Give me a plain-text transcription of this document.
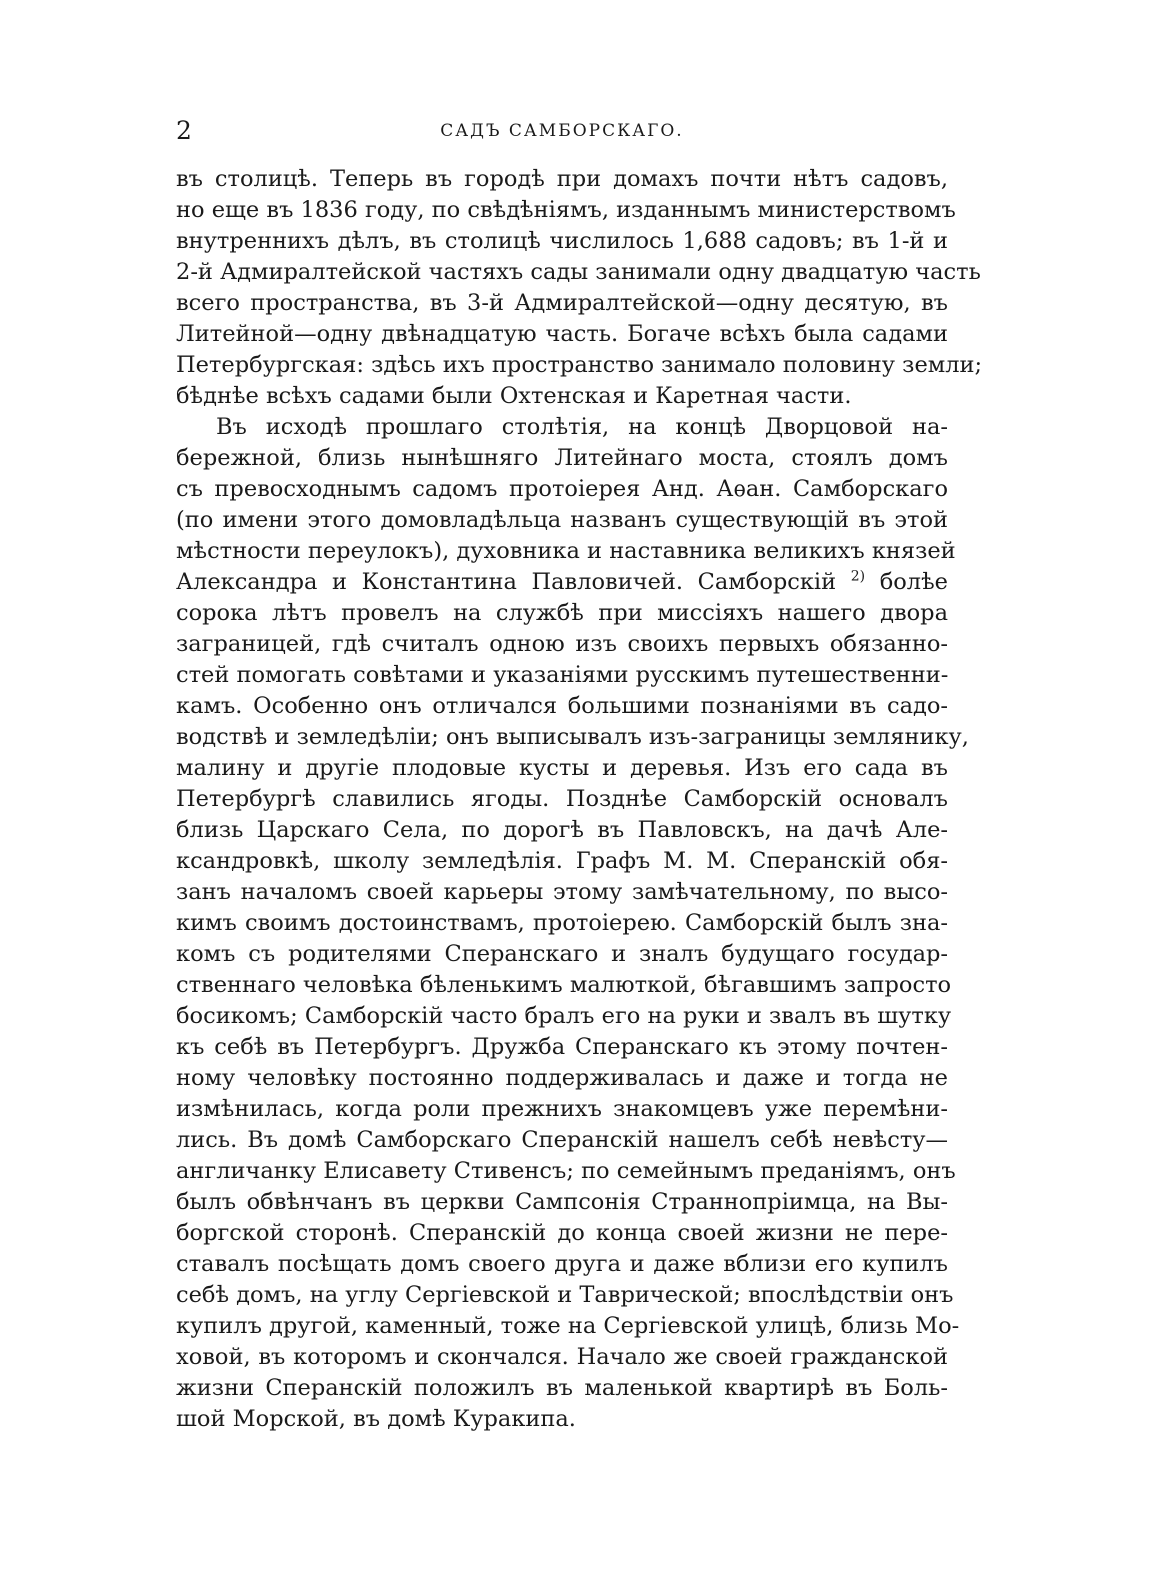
2	САДЪ САМБОРСКАГО.
въ столицѣ. Теперь въ городѣ при домахъ почти нѣтъ садовъ,
но еще въ 1836 году, по свѣдѣніямъ, изданнымъ министерствомъ
внутреннихъ дѣлъ, въ столицѣ числилось 1,688 садовъ; въ 1-й и
2-й Адмиралтейской частяхъ сады занимали одну двадцатую часть
всего пространства, въ 3-й Адмиралтейской—одну десятую, въ
Литейной—одну двѣнадцатую часть. Богаче всѣхъ была садами
Петербургская: здѣсь ихъ пространство занимало половину земли;
бѣднѣе всѣхъ садами были Охтенская и Каретная части.
Въ исходѣ прошлаго столѣтія, на концѣ Дворцовой на-
бережной, близь нынѣшняго Литейнаго моста, стоялъ домъ
съ превосходнымъ садомъ протоіерея Анд. Аѳан. Самборскаго
(по имени этого домовладѣльца названъ существующій въ этой
мѣстности переулокъ), духовника и наставника великихъ князей
Александра и Константина Павловичей. Самборскій $^{2)}$ болѣе
сорока лѣтъ провелъ на службѣ при миссіяхъ нашего двора
заграницей, гдѣ считалъ одною изъ своихъ первыхъ обязанно-
стей помогать совѣтами и указаніями русскимъ путешественни-
камъ. Особенно онъ отличался большими познаніями въ садо-
водствѣ и земледѣліи; онъ выписывалъ изъ-заграницы землянику,
малину и другіе плодовые кусты и деревья. Изъ его сада въ
Петербургѣ славились ягоды. Позднѣе Самборскій основалъ
близь Царскаго Села, по дорогѣ въ Павловскъ, на дачѣ Але-
ксандровкѣ, школу земледѣлія. Графъ М. М. Сперанскій обя-
занъ началомъ своей карьеры этому замѣчательному, по высо-
кимъ своимъ достоинствамъ, протоіерею. Самборскій былъ зна-
комъ съ родителями Сперанскаго и зналъ будущаго государ-
ственнаго человѣка бѣленькимъ малюткой, бѣгавшимъ запросто
босикомъ; Самборскій часто бралъ его на руки и звалъ въ шутку
къ себѣ въ Петербургъ. Дружба Сперанскаго къ этому почтен-
ному человѣку постоянно поддерживалась и даже и тогда не
измѣнилась, когда роли прежнихъ знакомцевъ уже перемѣни-
лись. Въ домѣ Самборскаго Сперанскій нашелъ себѣ невѣсту—
англичанку Елисавету Стивенсъ; по семейнымъ преданіямъ, онъ
былъ обвѣнчанъ въ церкви Сампсонія Страннопріимца, на Вы-
боргской сторонѣ. Сперанскій до конца своей жизни не пере-
ставалъ посѣщать домъ своего друга и даже вблизи его купилъ
себѣ домъ, на углу Сергіевской и Таврической; впослѣдствіи онъ
купилъ другой, каменный, тоже на Сергіевской улицѣ, близь Мо-
ховой, въ которомъ и скончался. Начало же своей гражданской
жизни Сперанскій положилъ въ маленькой квартирѣ въ Боль-
шой Морской, въ домѣ Куракипа.
